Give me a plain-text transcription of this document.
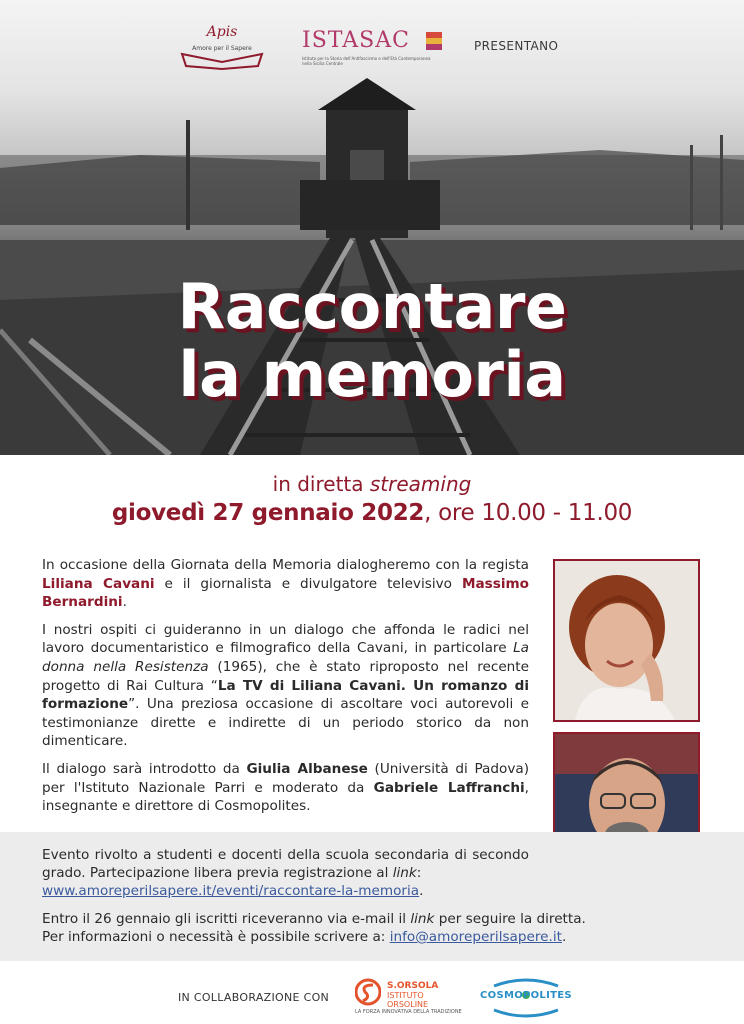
Apis
Amore per il Sapere	ISTASAC
Istituto per la Storia dell'Antifascismo e dell'Età Contemporanea nella Sicilia Centrale
PRESENTANO
Raccontare
la memoria
in diretta streaming
giovedì 27 gennaio 2022, ore 10.00 - 11.00

In occasione della Giornata della Memoria dialogheremo con la regista Liliana Cavani e il giornalista e divulgatore televisivo Massimo Bernardini.

I nostri ospiti ci guideranno in un dialogo che affonda le radici nel lavoro documentaristico e filmografico della Cavani, in particolare La donna nella Resistenza (1965), che è stato riproposto nel recente progetto di Rai Cultura “La TV di Liliana Cavani. Un romanzo di formazione”. Una preziosa occasione di ascoltare voci autorevoli e testimonianze dirette e indirette di un periodo storico da non dimenticare.

Il dialogo sarà introdotto da Giulia Albanese (Università di Padova) per l'Istituto Nazionale Parri e moderato da Gabriele Laffranchi, insegnante e direttore di Cosmopolites.

Evento rivolto a studenti e docenti della scuola secondaria di secondo grado. Partecipazione libera previa registrazione al link:
www.amoreperilsapere.it/eventi/raccontare-la-memoria.
Entro il 26 gennaio gli iscritti riceveranno via e-mail il link per seguire la diretta.
Per informazioni o necessità è possibile scrivere a: info@amoreperilsapere.it.
IN COLLABORAZIONE CON
S.ORSOLA
ISTITUTO ORSOLINE
LA FORZA INNOVATIVA DELLA TRADIZIONE
COSMOPOLITES
